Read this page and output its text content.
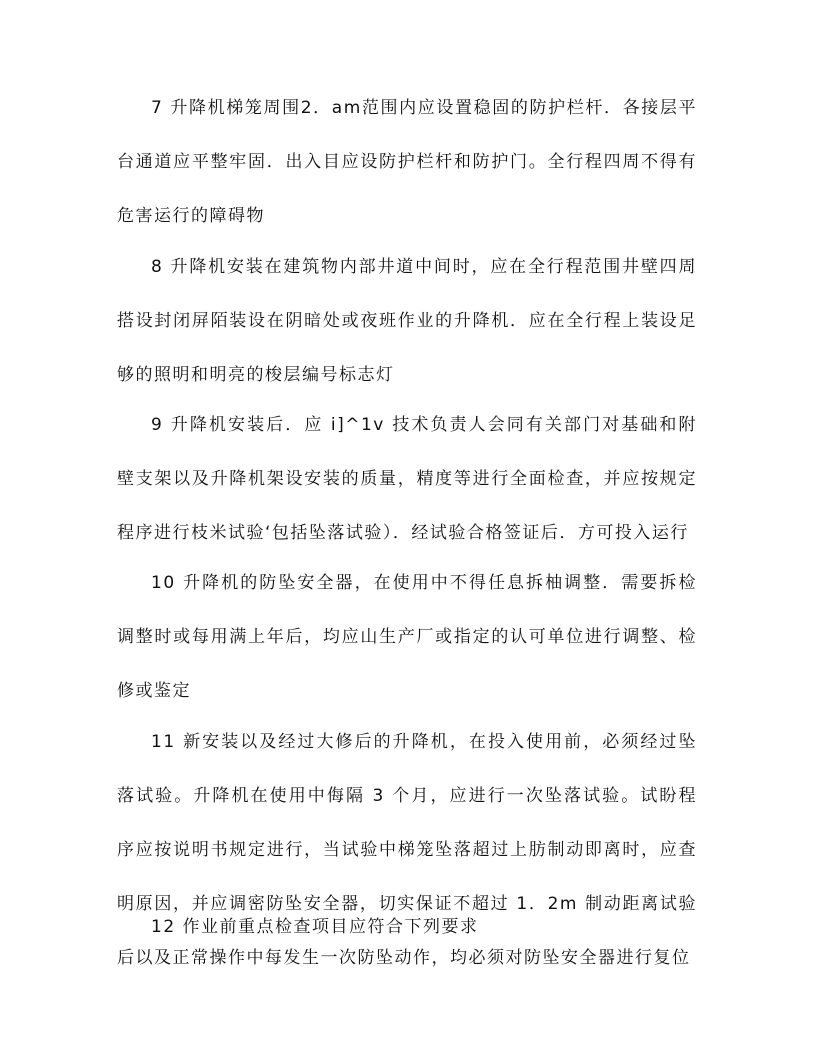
7 升降机梯笼周围2．am范围内应设置稳固的防护栏杆．各接层平台通道应平整牢固．出入目应设防护栏杆和防护门。全行程四周不得有危害运行的障碍物

8 升降机安装在建筑物内部井道中间时，应在全行程范围井壁四周搭设封闭屏陌装设在阴暗处或夜班作业的升降机．应在全行程上装设足够的照明和明亮的梭层编号标志灯

9 升降机安装后．应 i]^1v 技术负责人会同有关部门对基础和附壁支架以及升降机架设安装的质量，精度等进行全面检查，并应按规定程序进行枝米试验‘包括坠落试验）．经试验合格签证后．方可投入运行

10 升降机的防坠安全器，在使用中不得任息拆柚调整．需要拆检调整时或每用满上年后，均应山生产厂或指定的认可单位进行调整、检修或鉴定

11 新安装以及经过大修后的升降机，在投入使用前，必须经过坠落试验。升降机在使用中侮隔 3 个月，应进行一次坠落试验。试盼程序应按说明书规定进行，当试验中梯笼坠落超过上肪制动即离时，应查明原因，并应调密防坠安全器，切实保证不超过 1．2m 制动距离试验后以及正常操作中每发生一次防坠动作，均必须对防坠安全器进行复位

12 作业前重点检查项目应符合下列要求
